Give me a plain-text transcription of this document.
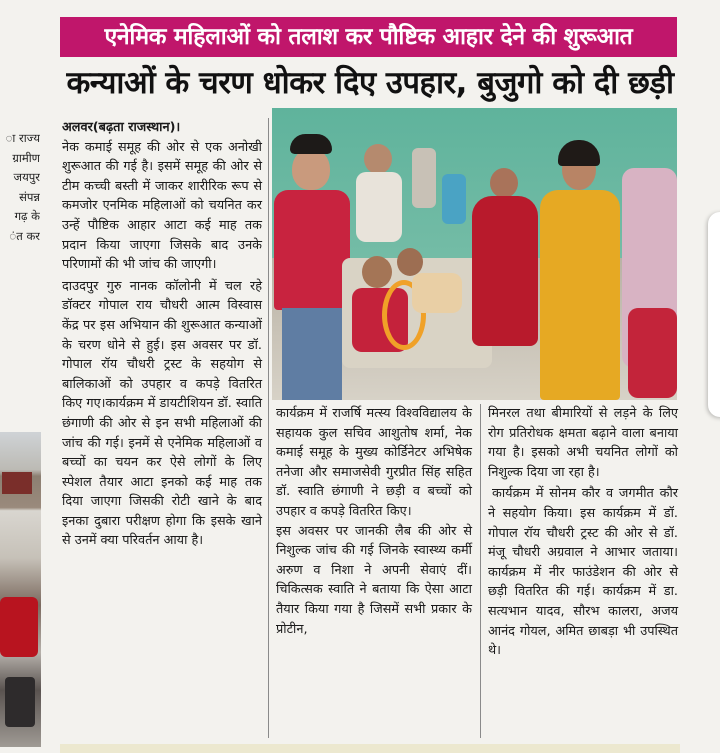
एनेमिक महिलाओं को तलाश कर पौष्टिक आहार देने की शुरूआत
कन्याओं के चरण धोकर दिए उपहार, बुजुगो को दी छड़ी
ा राज्य
ग्रामीण
जयपुर
संपन्न
गढ़ के
ंत कर

अलवर(बढ़ता राजस्थान)।

नेक कमाई समूह की ओर से एक अनोखी शुरूआत की गई है। इसमें समूह की ओर से टीम कच्ची बस्ती में जाकर शारीरिक रूप से कमजोर एनमिक महिलाओं को चयनित कर उन्हें पौष्टिक आहार आटा कई माह तक प्रदान किया जाएगा जिसके बाद उनके परिणामों की भी जांच की जाएगी।

दाउदपुर गुरु नानक कॉलोनी में चल रहे डॉक्टर गोपाल राय चौधरी आत्म विस्वास केंद्र पर इस अभियान की शुरूआत कन्याओं के चरण धोने से हुई। इस अवसर पर डॉ. गोपाल रॉय चौधरी ट्रस्ट के सहयोग से बालिकाओं को उपहार व कपड़े वितरित किए गए।कार्यक्रम में डायटीशियन डॉ. स्वाति छंगाणी की ओर से इन सभी महिलाओं की जांच की गई। इनमें से एनेमिक महिलाओं व बच्चों का चयन कर ऐसे लोगों के लिए स्पेशल तैयार आटा इनको कई माह तक दिया जाएगा जिसकी रोटी खाने के बाद इनका दुबारा परीक्षण होगा कि इसके खाने से उनमें क्या परिवर्तन आया है।

कार्यक्रम में राजर्षि मत्स्य विश्वविद्यालय के सहायक कुल सचिव आशुतोष शर्मा, नेक कमाई समूह के मुख्य कोर्डिनेटर अभिषेक तनेजा और समाजसेवी गुरप्रीत सिंह सहित डॉ. स्वाति छंगाणी ने छड़ी व बच्चों को उपहार व कपड़े वितरित किए।

इस अवसर पर जानकी लैब की ओर से निशुल्क जांच की गई जिनके स्वास्थ्य कर्मी अरुण व निशा ने अपनी सेवाएं दीं। चिकित्सक स्वाति ने बताया कि ऐसा आटा तैयार किया गया है जिसमें सभी प्रकार के प्रोटीन,

मिनरल तथा बीमारियों से लड़ने के लिए रोग प्रतिरोधक क्षमता बढ़ाने वाला बनाया गया है। इसको अभी चयनित लोगों को निशुल्क दिया जा रहा है।

कार्यक्रम में सोनम कौर व जगमीत कौर ने सहयोग किया। इस कार्यक्रम में डॉ. गोपाल रॉय चौधरी ट्रस्ट की ओर से डॉ. मंजू चौधरी अग्रवाल ने आभार जताया। कार्यक्रम में नीर फाउंडेशन की ओर से छड़ी वितरित की गई। कार्यक्रम में डा. सत्यभान यादव, सौरभ कालरा, अजय आनंद गोयल, अमित छाबड़ा भी उपस्थित थे।
